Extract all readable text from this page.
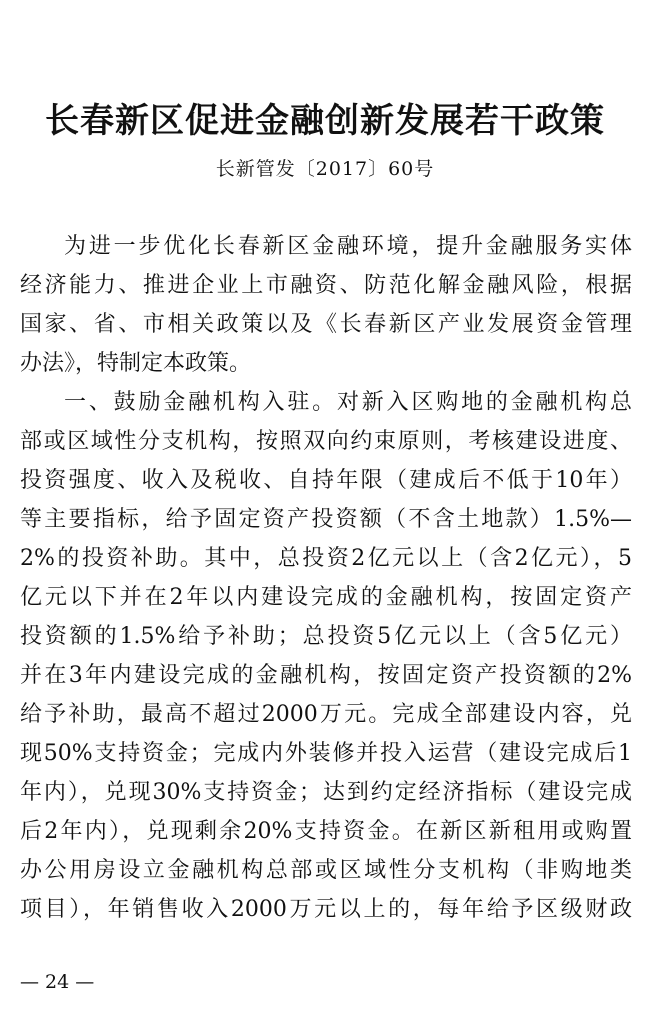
长春新区促进金融创新发展若干政策
长新管发〔2017〕60号
为进一步优化长春新区金融环境，提升金融服务实体
经济能力、推进企业上市融资、防范化解金融风险，根据
国家、省、市相关政策以及《长春新区产业发展资金管理
办法》，特制定本政策。
一、鼓励金融机构入驻。对新入区购地的金融机构总
部或区域性分支机构，按照双向约束原则，考核建设进度、
投资强度、收入及税收、自持年限（建成后不低于10年）
等主要指标，给予固定资产投资额（不含土地款）1.5%—
2%的投资补助。其中，总投资2亿元以上（含2亿元），5
亿元以下并在2年以内建设完成的金融机构，按固定资产
投资额的1.5%给予补助；总投资5亿元以上（含5亿元）
并在3年内建设完成的金融机构，按固定资产投资额的2%
给予补助，最高不超过2000万元。完成全部建设内容，兑
现50%支持资金；完成内外装修并投入运营（建设完成后1
年内），兑现30%支持资金；达到约定经济指标（建设完成
后2年内），兑现剩余20%支持资金。在新区新租用或购置
办公用房设立金融机构总部或区域性分支机构（非购地类
项目），年销售收入2000万元以上的，每年给予区级财政
— 24 —
